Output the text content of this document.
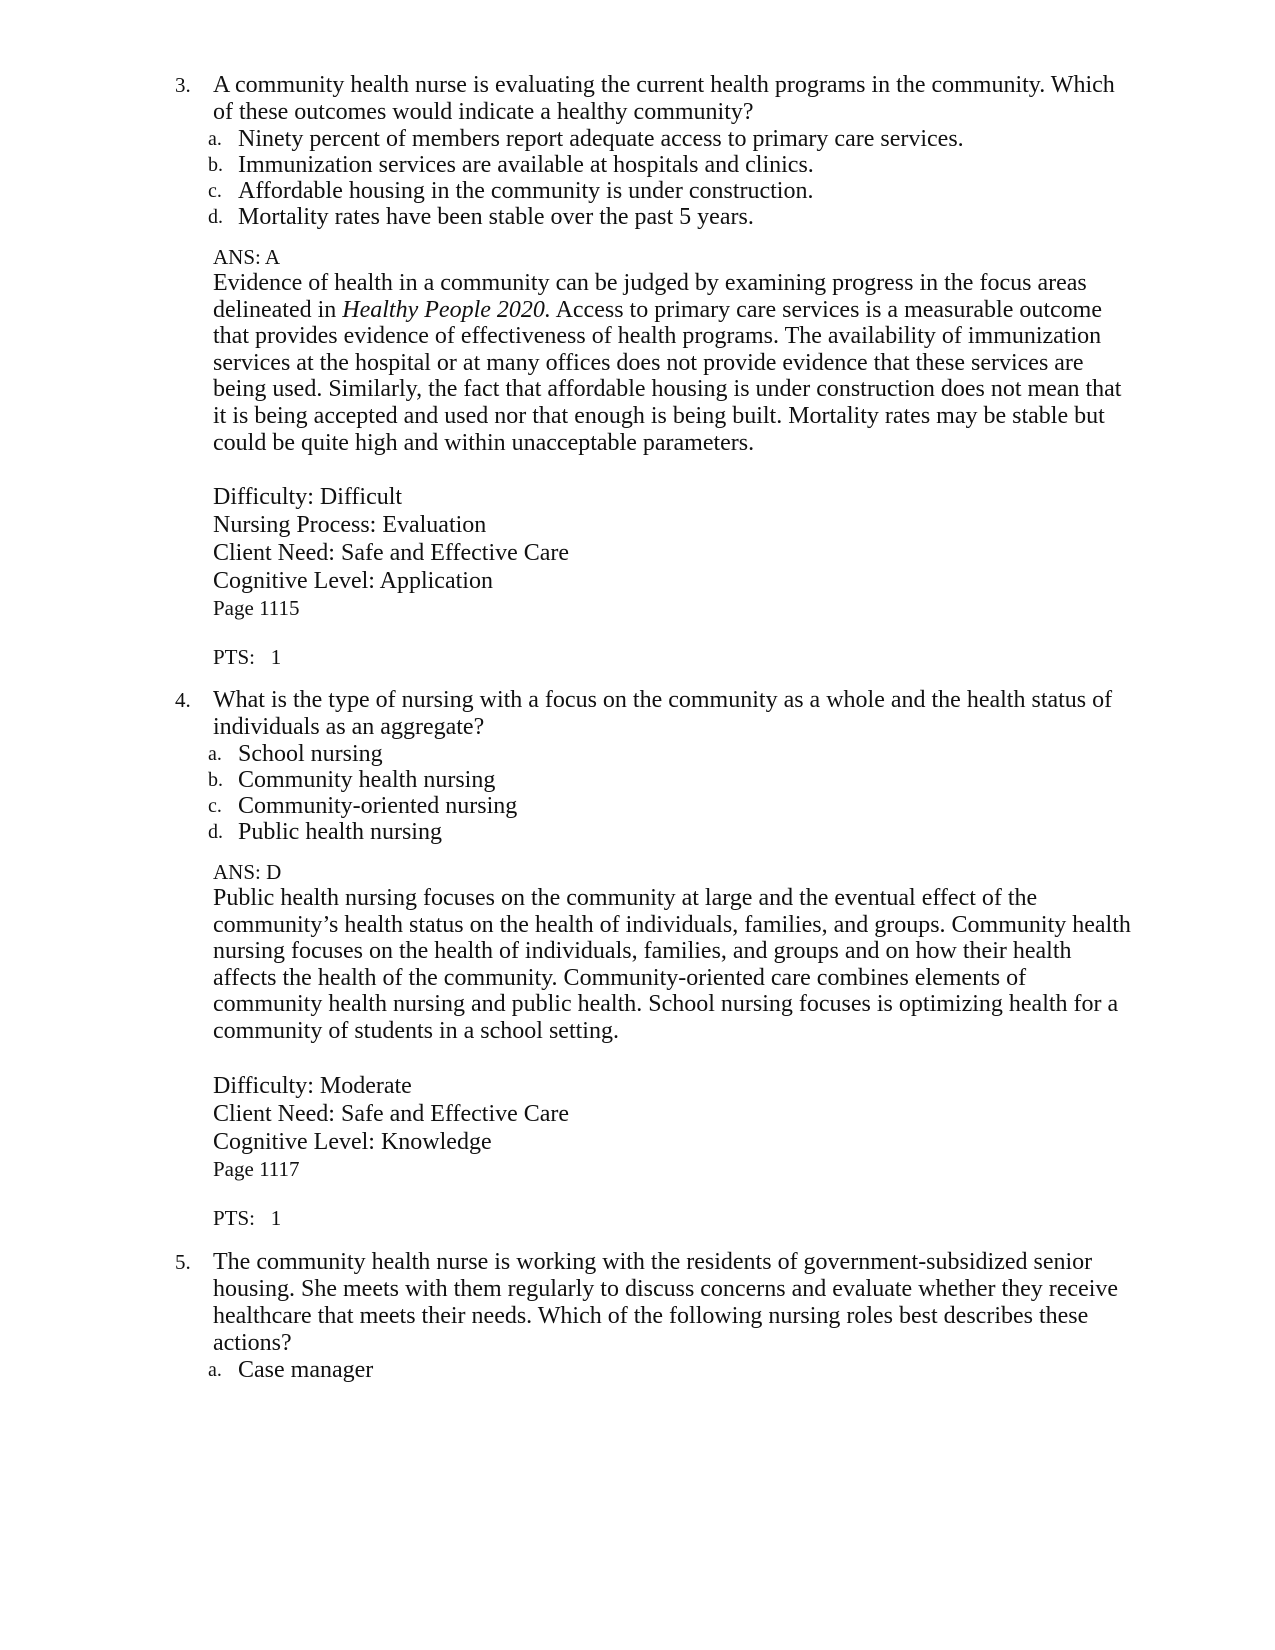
3. A community health nurse is evaluating the current health programs in the community. Which of these outcomes would indicate a healthy community?
a. Ninety percent of members report adequate access to primary care services.
b. Immunization services are available at hospitals and clinics.
c. Affordable housing in the community is under construction.
d. Mortality rates have been stable over the past 5 years.
ANS: A
Evidence of health in a community can be judged by examining progress in the focus areas delineated in Healthy People 2020. Access to primary care services is a measurable outcome that provides evidence of effectiveness of health programs. The availability of immunization services at the hospital or at many offices does not provide evidence that these services are being used. Similarly, the fact that affordable housing is under construction does not mean that it is being accepted and used nor that enough is being built. Mortality rates may be stable but could be quite high and within unacceptable parameters.
Difficulty: Difficult
Nursing Process: Evaluation
Client Need: Safe and Effective Care
Cognitive Level: Application
Page 1115
PTS:   1
4. What is the type of nursing with a focus on the community as a whole and the health status of individuals as an aggregate?
a. School nursing
b. Community health nursing
c. Community-oriented nursing
d. Public health nursing
ANS: D
Public health nursing focuses on the community at large and the eventual effect of the community’s health status on the health of individuals, families, and groups. Community health nursing focuses on the health of individuals, families, and groups and on how their health affects the health of the community. Community-oriented care combines elements of community health nursing and public health. School nursing focuses is optimizing health for a community of students in a school setting.
Difficulty: Moderate
Client Need: Safe and Effective Care
Cognitive Level: Knowledge
Page 1117
PTS:   1
5. The community health nurse is working with the residents of government-subsidized senior housing. She meets with them regularly to discuss concerns and evaluate whether they receive healthcare that meets their needs. Which of the following nursing roles best describes these actions?
a. Case manager
